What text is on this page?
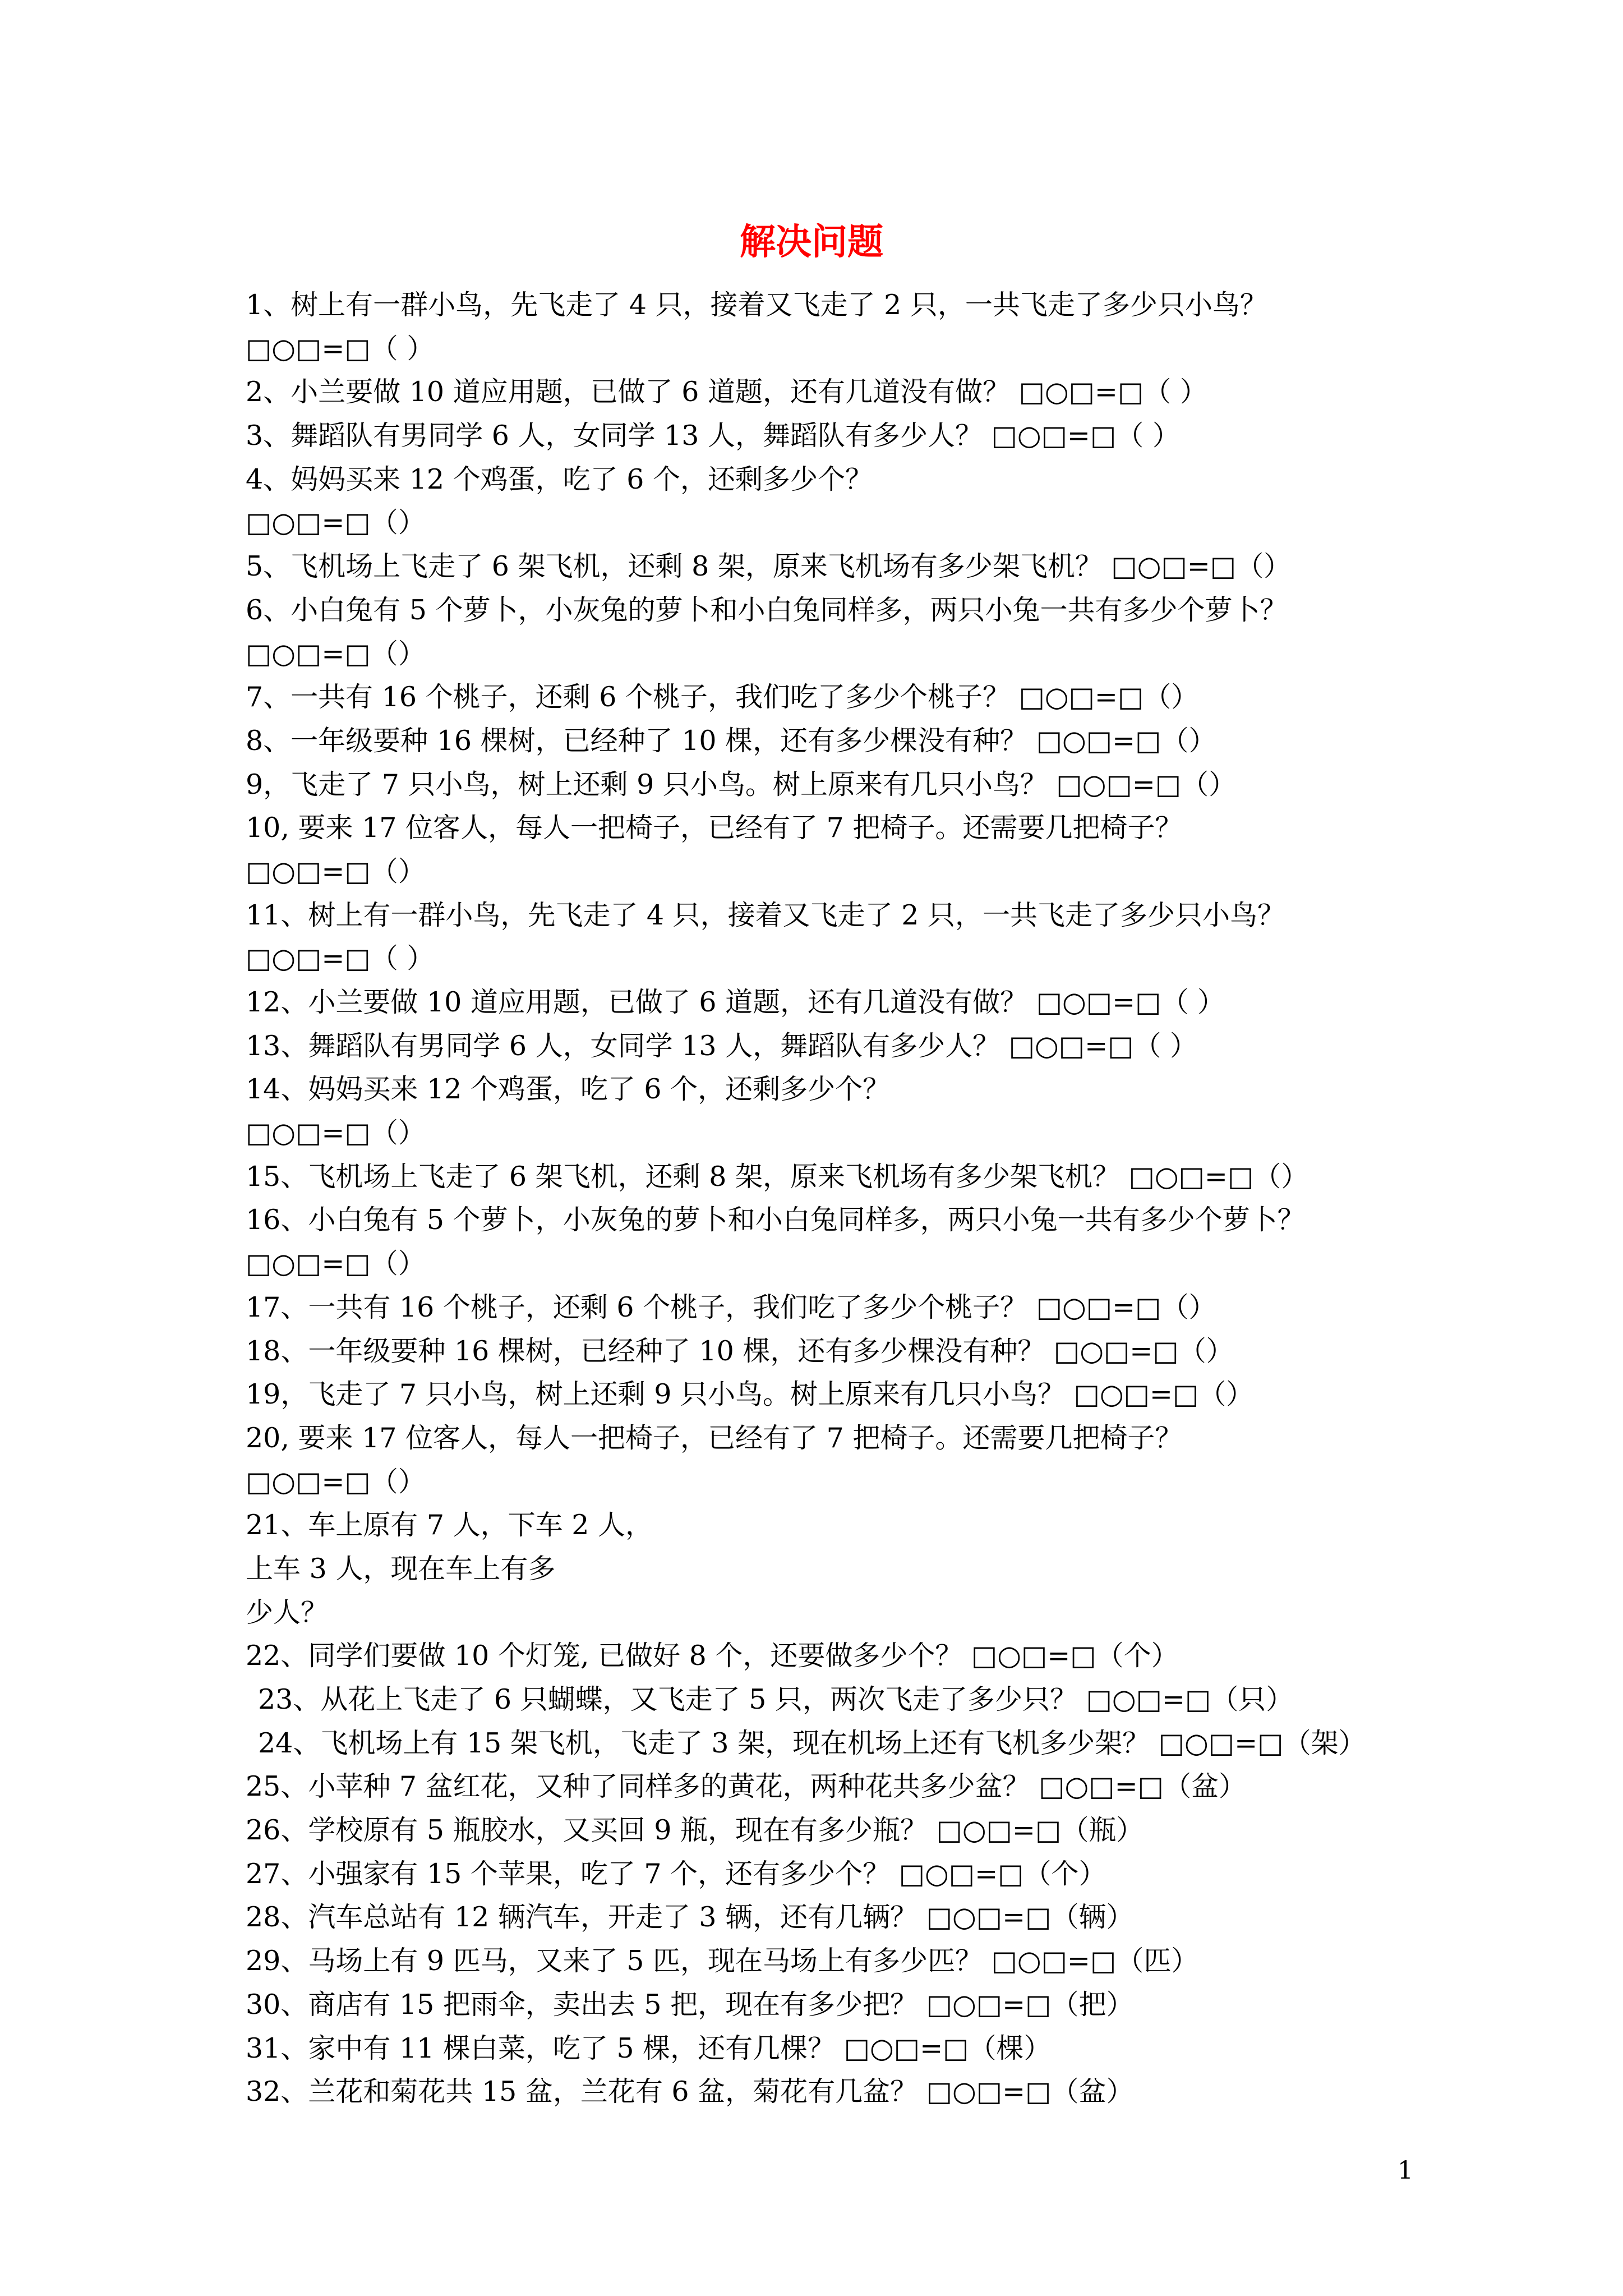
解决问题
1、树上有一群小鸟，先飞走了 4 只，接着又飞走了 2 只，一共飞走了多少只小鸟？
□○□=□（ ）
2、小兰要做 10 道应用题，已做了 6 道题，还有几道没有做？ □○□=□（ ）
3、舞蹈队有男同学 6 人，女同学 13 人，舞蹈队有多少人？ □○□=□（ ）
4、妈妈买来 12 个鸡蛋，吃了 6 个，还剩多少个？
□○□=□（）
5、飞机场上飞走了 6 架飞机，还剩 8 架，原来飞机场有多少架飞机？ □○□=□（）
6、小白兔有 5 个萝卜，小灰兔的萝卜和小白兔同样多，两只小兔一共有多少个萝卜？
□○□=□（）
7、一共有 16 个桃子，还剩 6 个桃子，我们吃了多少个桃子？ □○□=□（）
8、一年级要种 16 棵树，已经种了 10 棵，还有多少棵没有种？ □○□=□（）
9，飞走了 7 只小鸟，树上还剩 9 只小鸟。树上原来有几只小鸟？ □○□=□（）
10, 要来 17 位客人，每人一把椅子，已经有了 7 把椅子。还需要几把椅子？
□○□=□（）
11、树上有一群小鸟，先飞走了 4 只，接着又飞走了 2 只，一共飞走了多少只小鸟？
□○□=□（ ）
12、小兰要做 10 道应用题，已做了 6 道题，还有几道没有做？ □○□=□（ ）
13、舞蹈队有男同学 6 人，女同学 13 人，舞蹈队有多少人？ □○□=□（ ）
14、妈妈买来 12 个鸡蛋，吃了 6 个，还剩多少个？
□○□=□（）
15、飞机场上飞走了 6 架飞机，还剩 8 架，原来飞机场有多少架飞机？ □○□=□（）
16、小白兔有 5 个萝卜，小灰兔的萝卜和小白兔同样多，两只小兔一共有多少个萝卜？
□○□=□（）
17、一共有 16 个桃子，还剩 6 个桃子，我们吃了多少个桃子？ □○□=□（）
18、一年级要种 16 棵树，已经种了 10 棵，还有多少棵没有种？ □○□=□（）
19，飞走了 7 只小鸟，树上还剩 9 只小鸟。树上原来有几只小鸟？ □○□=□（）
20, 要来 17 位客人，每人一把椅子，已经有了 7 把椅子。还需要几把椅子？
□○□=□（）
21、车上原有 7 人，下车 2 人，
上车 3 人，现在车上有多
少人？
22、同学们要做 10 个灯笼, 已做好 8 个，还要做多少个？ □○□=□（个）
23、从花上飞走了 6 只蝴蝶，又飞走了 5 只，两次飞走了多少只？ □○□=□（只）
24、飞机场上有 15 架飞机，飞走了 3 架，现在机场上还有飞机多少架？ □○□=□（架）
25、小苹种 7 盆红花，又种了同样多的黄花，两种花共多少盆？ □○□=□（盆）
26、学校原有 5 瓶胶水，又买回 9 瓶，现在有多少瓶？ □○□=□（瓶）
27、小强家有 15 个苹果，吃了 7 个，还有多少个？ □○□=□（个）
28、汽车总站有 12 辆汽车，开走了 3 辆，还有几辆？ □○□=□（辆）
29、马场上有 9 匹马，又来了 5 匹，现在马场上有多少匹？ □○□=□（匹）
30、商店有 15 把雨伞，卖出去 5 把，现在有多少把？ □○□=□（把）
31、家中有 11 棵白菜，吃了 5 棵，还有几棵？ □○□=□（棵）
32、兰花和菊花共 15 盆，兰花有 6 盆，菊花有几盆？ □○□=□（盆）
1
